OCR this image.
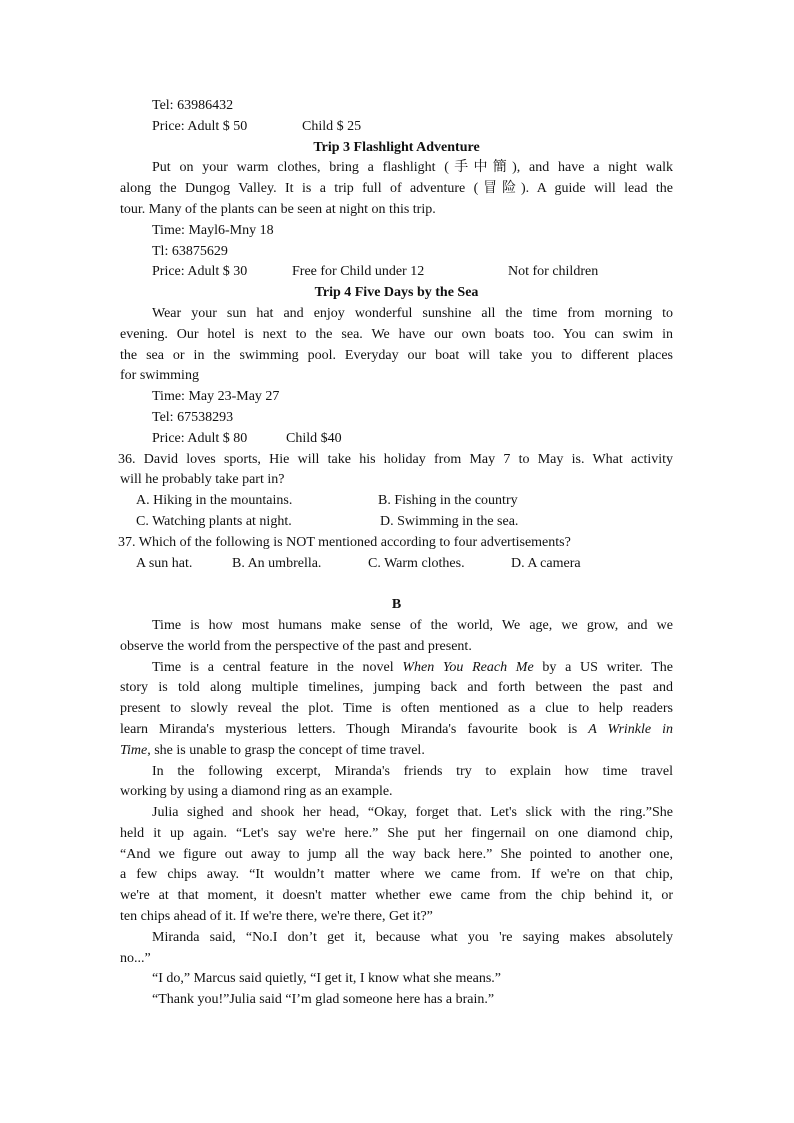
Tel: 63986432
Price: Adult $ 50	Child $ 25
Trip 3 Flashlight Adventure
Put on your warm clothes, bring a flashlight (手中簡), and have a night walk
along the Dungog Valley. It is a trip full of adventure (冒险). A guide will lead the
tour. Many of the plants can be seen at night on this trip.
Time: Mayl6-Mny 18
Tl: 63875629
Price: Adult $ 30	Free for Child under 12	Not for children
Trip 4 Five Days by the Sea
Wear your sun hat and enjoy wonderful sunshine all the time from morning to
evening. Our hotel is next to the sea. We have our own boats too. You can swim in
the sea or in the swimming pool. Everyday our boat will take you to different places
for swimming
Time: May 23-May 27
Tel: 67538293
Price: Adult $ 80	Child $40
36. David loves sports, Hie will take his holiday from May 7 to May is. What activity
will he probably take part in?
A. Hiking in the mountains.	B. Fishing in the country
C. Watching plants at night.	D. Swimming in the sea.
37. Which of the following is NOT mentioned according to four advertisements?
A sun hat.	B. An umbrella.	C. Warm clothes.	D. A camera
B
Time is how most humans make sense of the world, We age, we grow, and we
observe the world from the perspective of the past and present.
Time is a central feature in the novel When You Reach Me by a US writer. The
story is told along multiple timelines, jumping back and forth between the past and
present to slowly reveal the plot. Time is often mentioned as a clue to help readers
learn Miranda's mysterious letters. Though Miranda's favourite book is A Wrinkle in
Time, she is unable to grasp the concept of time travel.
In the following excerpt, Miranda's friends try to explain how time travel
working by using a diamond ring as an example.
Julia sighed and shook her head, “Okay, forget that. Let's slick with the ring.”She
held it up again. “Let's say we're here.” She put her fingernail on one diamond chip,
“And we figure out away to jump all the way back here.” She pointed to another one,
a few chips away. “It wouldn’t matter where we came from. If we're on that chip,
we're at that moment, it doesn't matter whether ewe came from the chip behind it, or
ten chips ahead of it. If we're there, we're there, Get it?”
Miranda said, “No.I don’t get it, because what you 're saying makes absolutely
no...”
“I do,” Marcus said quietly, “I get it, I know what she means.”
“Thank you!”Julia said “I’m glad someone here has a brain.”
